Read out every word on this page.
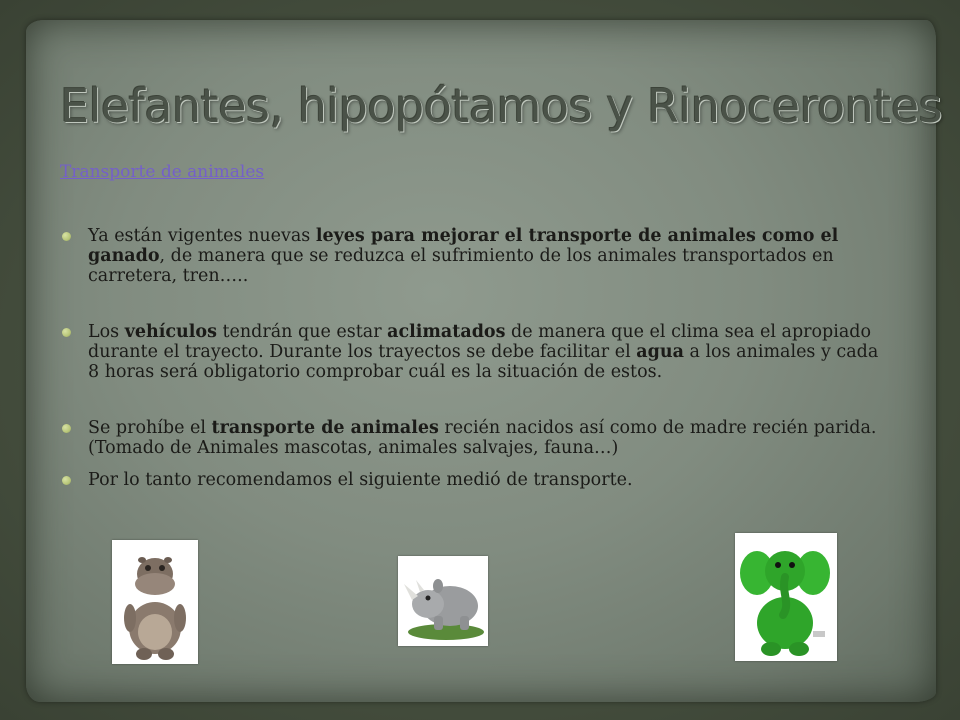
Elefantes, hipopótamos y Rinocerontes
Transporte de animales
Ya están vigentes nuevas leyes para mejorar el transporte de animales como el ganado, de manera que se reduzca el sufrimiento de los animales transportados en carretera, tren…..
Los vehículos tendrán que estar aclimatados de manera que el clima sea el apropiado durante el trayecto. Durante los trayectos se debe facilitar el agua a los animales y cada 8 horas será obligatorio comprobar cuál es la situación de estos.
Se prohíbe el transporte de animales recién nacidos así como de madre recién parida. (Tomado de Animales mascotas, animales salvajes, fauna…)
Por lo tanto recomendamos el siguiente medió de transporte.
